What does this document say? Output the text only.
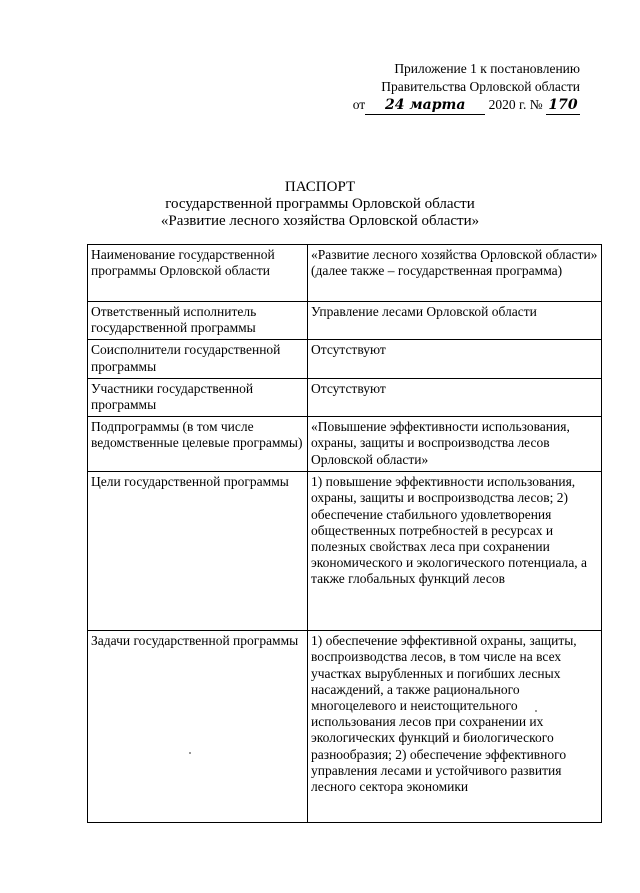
Приложение 1 к постановлению
Правительства Орловской области
от 24 марта 2020 г. № 170
ПАСПОРТ
государственной программы Орловской области
«Развитие лесного хозяйства Орловской области»
Наименование государственной программы Орловской области	«Развитие лесного хозяйства Орловской области» (далее также – государственная программа)
Ответственный исполнитель государственной программы	Управление лесами Орловской области
Соисполнители государственной программы	Отсутствуют
Участники государственной программы	Отсутствуют
Подпрограммы (в том числе ведомственные целевые программы)	«Повышение эффективности использования, охраны, защиты и воспроизводства лесов Орловской области»
Цели государственной программы	1) повышение эффективности использования, охраны, защиты и воспроизводства лесов; 2) обеспечение стабильного удовлетворения общественных потребностей в ресурсах и полезных свойствах леса при сохранении экономического и экологического потенциала, а также глобальных функций лесов
Задачи государственной программы	1) обеспечение эффективной охраны, защиты, воспроизводства лесов, в том числе на всех участках вырубленных и погибших лесных насаждений, а также рационального многоцелевого и неистощительного использования лесов при сохранении их экологических функций и биологического разнообразия; 2) обеспечение эффективного управления лесами и устойчивого развития лесного сектора экономики
